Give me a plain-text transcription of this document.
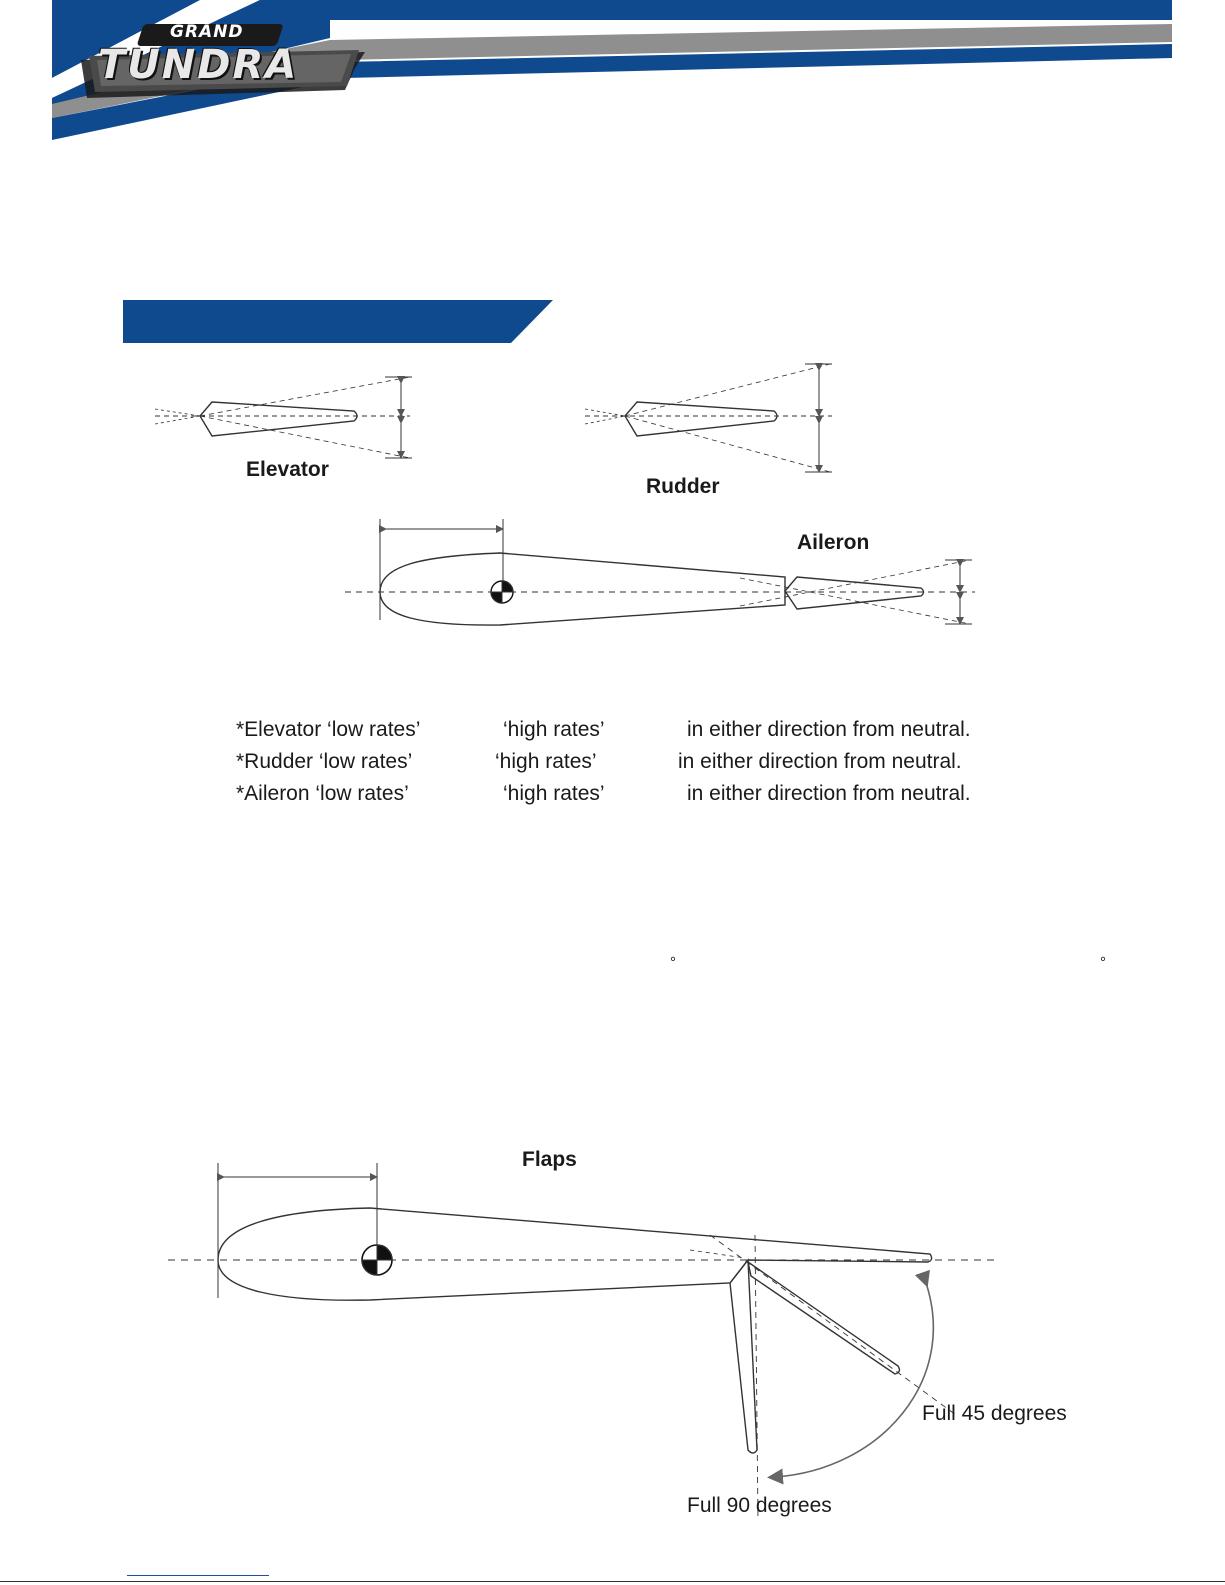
GRAND
TUNDRA
Elevator
Rudder
Aileron
*Elevator ‘low rates’	‘high rates’	in either direction from neutral.
*Rudder ‘low rates’	‘high rates’	in either direction from neutral.
*Aileron ‘low rates’	‘high rates’	in either direction from neutral.
°	°
Flaps
Full 45 degrees
Full 90 degrees
